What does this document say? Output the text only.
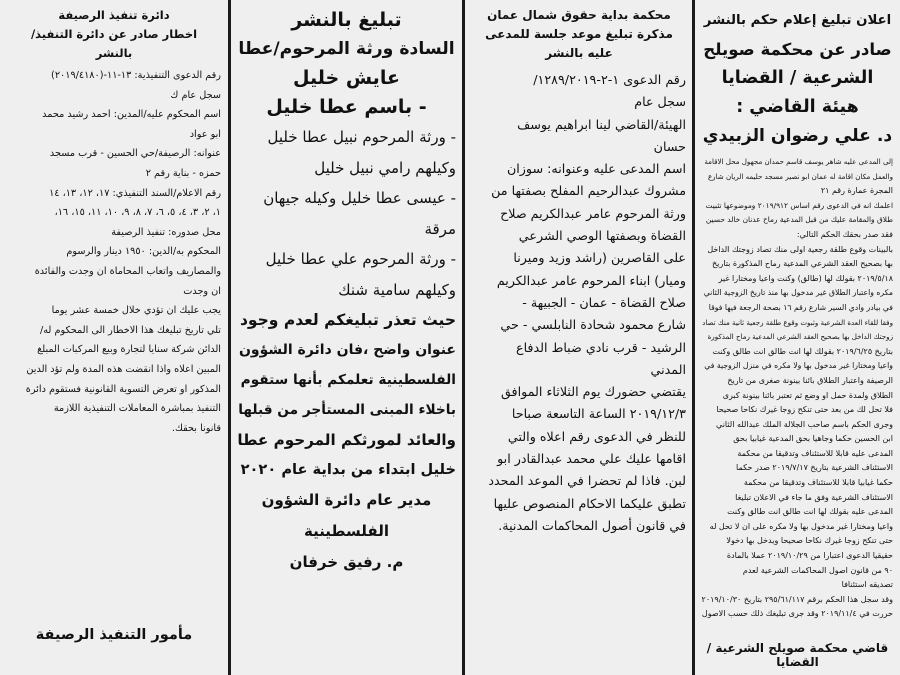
اعلان تبليغ إعلام حكم بالنشر

صادر عن محكمة صويلح

الشرعية / القضايا

هيئة القاضي :

د. علي رضوان الزبيدي

إلى المدعى عليه شاهر يوسف قاسم حمدان مجهول محل الاقامة

والعمل مكان اقامة له عمان ابو نصير مسجد حليمه الريان شارع

المجرة عمارة رقم ٢١

اعلمك انه في الدعوى رقم اساس ٢٠١٩/٩١٢ وموضوعها تثبيت

طلاق والمقامة عليك من قبل المدعية رماح عدنان خالد حسين

فقد صدر بحقك الحكم التالي:

بالبينات وقوع طلقة رجعية اولى منك تصاد زوجتك الداخل

بها بصحيح العقد الشرعي المدعية رماح المذكورة بتاريخ

٢٠١٩/٥/١٨ بقولك لها (طالق) وكنت واعيا ومختارا غير

مكره واعتبار الطلاق غير مدخول بها منذ تاريخ الزوجية الثاني

في بيادر وادي السير شارع رقم ١٦ بصحة الرجعة فيها فوقا

وفقا للقاء العدة الشرعية وثبوت وقوع طلقة رجعية ثانية منك تصاد

زوجتك الداخل بها بصحيح العقد الشرعي المدعية رماح المذكورة

بتاريخ ٢٠١٩/٦/٢٥ بقولك لها انت طالق انت طالق وكنت

واعيا ومختارا غير مدخول بها ولا مكره في منزل الزوجية في

الرصيفة واعتبار الطلاق بائنا بينونة صغرى من تاريخ

الطلاق ولمدة حمل او وضع ثم تعتبر بائنا بينونة كبرى

فلا تحل لك من بعد حتى تنكح زوجا غيرك نكاحا صحيحا

وجرى الحكم باسم صاحب الجلالة الملك عبدالله الثاني

ابن الحسين حكما وجاهيا بحق المدعية غيابيا بحق

المدعى عليه قابلا للاستئناف وتدقيقا من محكمة

الاستئناف الشرعية بتاريخ ٢٠١٩/٧/١٧ صدر حكما

حكما غيابيا قابلا للاستئناف وتدقيقا من محكمة

الاستئناف الشرعية وفق ما جاء في الاعلان تبليغا

المدعى عليه بقولك لها انت طالق انت طالق وكنت

واعيا ومختارا غير مدخول بها ولا مكره على ان لا تحل له

حتى تنكح زوجا غيرك نكاحا صحيحا ويدخل بها دخولا

حقيقيا الدعوى اعتبارا من ٢٠١٩/١٠/٢٩ عملا بالمادة

٩٠ من قانون اصول المحاكمات الشرعية لعدم

تصديقه استئنافا

وقد سجل هذا الحكم برقم ٢٩٥/٦١/١١٧ بتاريخ ٢٠١٩/١٠/٣٠

حررت في ٢٠١٩/١١/٤ وقد جرى تبليغك ذلك حسب الاصول

قاضي محكمة صويلح الشرعية / القضايا

محكمة بداية حقوق شمال عمان

مذكرة تبليغ موعد جلسة للمدعى

عليه بالنشر

رقم الدعوى ١-٢-١٢٨٩/٢٠١٩/

سجل عام

الهيئة/القاضي لينا ابراهيم يوسف

حسان

اسم المدعى عليه وعنوانه: سوزان

مشروك عبدالرحيم المفلح بصفتها من

ورثة المرحوم عامر عبدالكريم صلاح

القضاة وبصفتها الوصي الشرعي

على القاصرين (راشد وزيد وميرنا

وميار) ابناء المرحوم عامر عبدالكريم

صلاح القضاة - عمان - الجبيهة -

شارع محمود شحادة النابلسي - حي

الرشيد - قرب نادي ضباط الدفاع

المدني

يقتضي حضورك يوم الثلاثاء الموافق

٢٠١٩/١٢/٣ الساعة التاسعة صباحا

للنظر في الدعوى رقم اعلاه والتي

اقامها عليك علي محمد عبدالقادر ابو

لبن. فاذا لم تحضرا في الموعد المحدد

تطبق عليكما الاحكام المنصوص عليها

في قانون أصول المحاكمات المدنية.

تبليغ بالنشر

السادة ورثة المرحوم/عطا

عايش خليل

- باسم عطا خليل

- ورثة المرحوم نبيل عطا خليل

وكيلهم رامي نبيل خليل

- عيسى عطا خليل وكيله جيهان

مرقة

- ورثة المرحوم علي عطا خليل

وكيلهم سامية شنك

حيث تعذر تبليغكم لعدم وجود

عنوان واضح ،فان دائرة الشؤون

الفلسطينية تعلمكم بأنها ستقوم

باخلاء المبنى المستأجر من قبلها

والعائد لمورثكم المرحوم عطا

خليل ابتداء من بداية عام ٢٠٢٠

مدير عام دائرة الشؤون

الفلسطينية

م. رفيق خرفان

دائرة تنفيذ الرصيفة

اخطار صادر عن دائرة التنفيذ/

بالنشر

رقم الدعوى التنفيذية: ١٣-١١-(٢٠١٩/٤١٨٠)

سجل عام ك

اسم المحكوم عليه/المدين: احمد رشيد محمد

ابو عواد

عنوانه: الرصيفة/حي الحسين - قرب مسجد

حمزه - بناية رقم ٢

رقم الاعلام/السند التنفيذي: ١٧، ١٢، ١٣، ١٤

١، ٢، ٣، ٤، ٥، ٦، ٧، ٨، ٩، ١٠، ١١، ١٥، ١٦،

محل صدوره: تنفيذ الرصيفة

المحكوم به/الدين: ١٩٥٠ دينار والرسوم

والمصاريف واتعاب المحاماة ان وجدت والفائدة

ان وجدت

يجب عليك ان تؤدي خلال خمسة عشر يوما

تلي تاريخ تبليغك هذا الاخطار الى المحكوم له/

الدائن شركة سنايا لتجارة وبيع المركبات المبلغ

المبين اعلاه واذا انقضت هذه المدة ولم تؤد الدين

المذكور او تعرض التسوية القانونية فستقوم دائرة

التنفيذ بمباشرة المعاملات التنفيذية اللازمة

قانونا بحقك.

مأمور التنفيذ الرصيفة
